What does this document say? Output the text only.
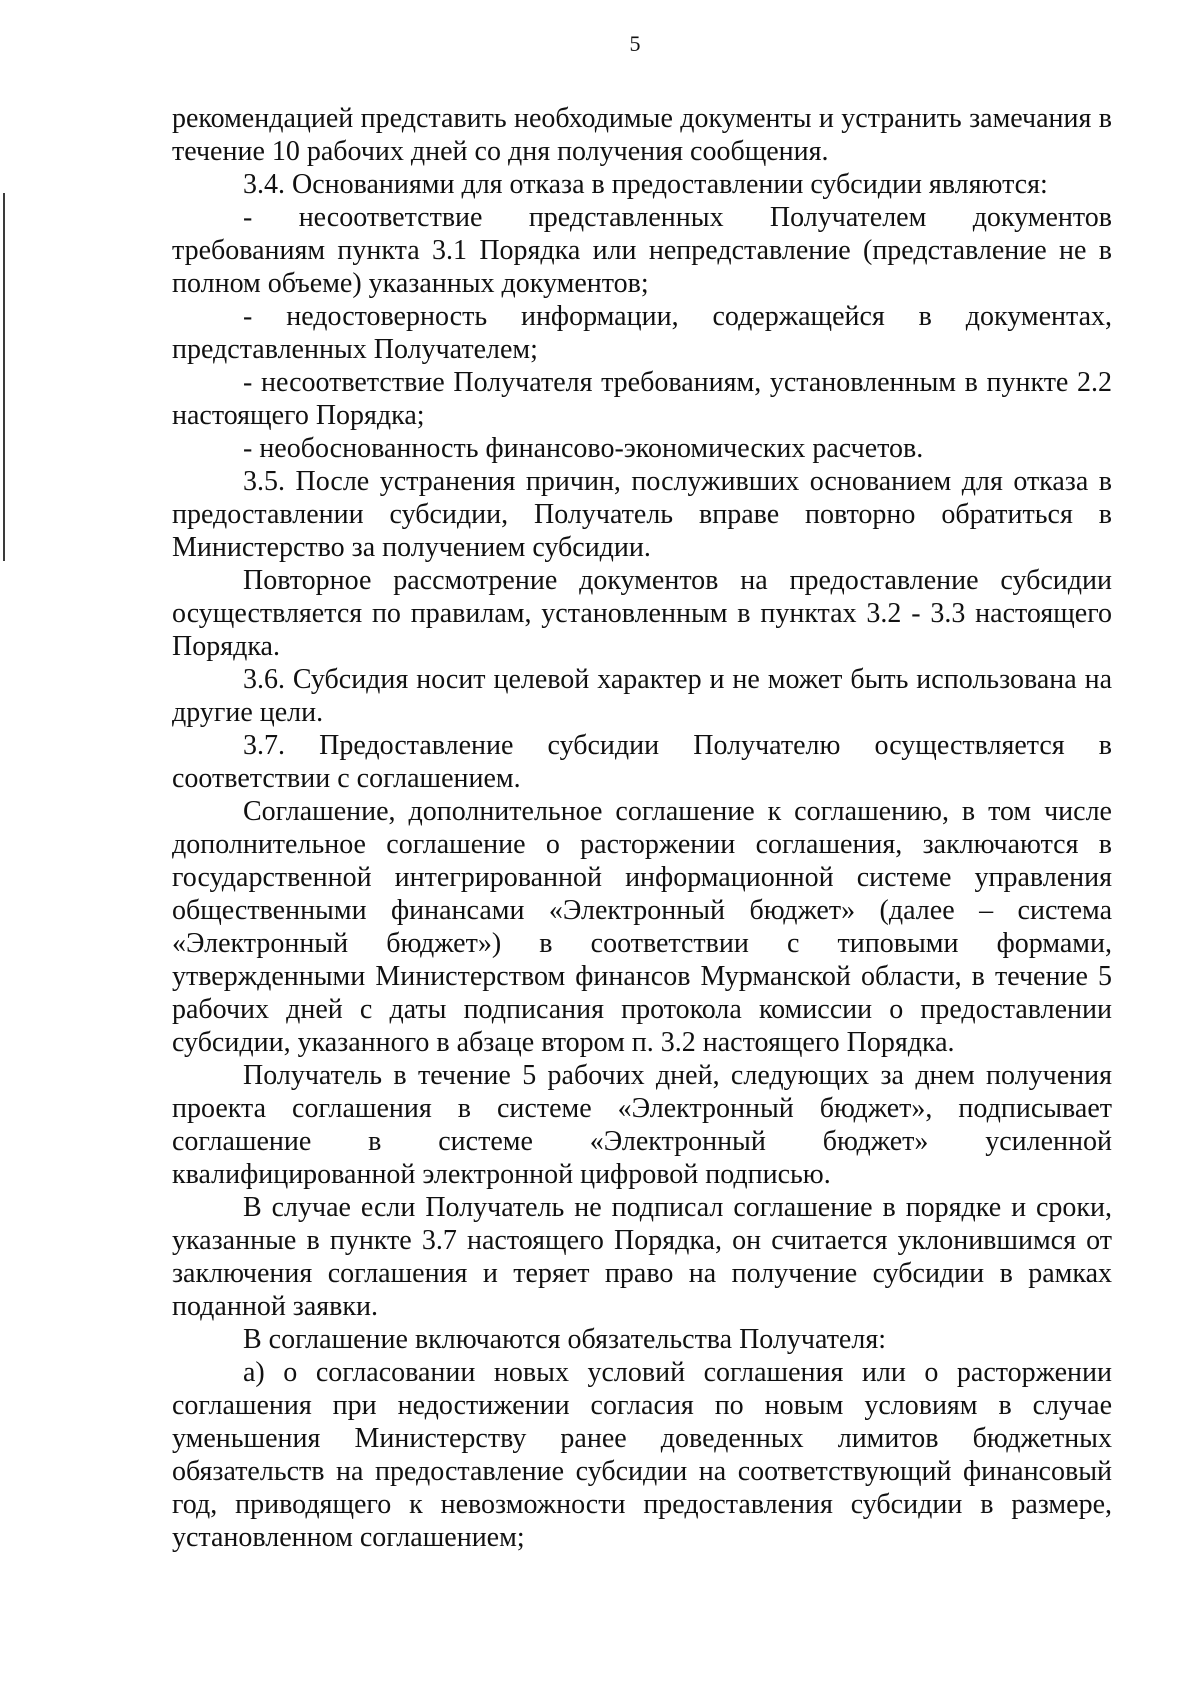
5

рекомендацией представить необходимые документы и устранить замечания в течение 10 рабочих дней со дня получения сообщения.

3.4. Основаниями для отказа в предоставлении субсидии являются:

- несоответствие представленных Получателем документов требованиям пункта 3.1 Порядка или непредставление (представление не в полном объеме) указанных документов;

- недостоверность информации, содержащейся в документах, представленных Получателем;

- несоответствие Получателя требованиям, установленным в пункте 2.2 настоящего Порядка;

- необоснованность финансово-экономических расчетов.

3.5. После устранения причин, послуживших основанием для отказа в предоставлении субсидии, Получатель вправе повторно обратиться в Министерство за получением субсидии.

Повторное рассмотрение документов на предоставление субсидии осуществляется по правилам, установленным в пунктах 3.2 - 3.3 настоящего Порядка.

3.6. Субсидия носит целевой характер и не может быть использована на другие цели.

3.7. Предоставление субсидии Получателю осуществляется в соответствии с соглашением.

Соглашение, дополнительное соглашение к соглашению, в том числе дополнительное соглашение о расторжении соглашения, заключаются в государственной интегрированной информационной системе управления общественными финансами «Электронный бюджет» (далее – система «Электронный бюджет») в соответствии с типовыми формами, утвержденными Министерством финансов Мурманской области, в течение 5 рабочих дней с даты подписания протокола комиссии о предоставлении субсидии, указанного в абзаце втором п. 3.2 настоящего Порядка.

Получатель в течение 5 рабочих дней, следующих за днем получения проекта соглашения в системе «Электронный бюджет», подписывает соглашение в системе «Электронный бюджет» усиленной квалифицированной электронной цифровой подписью.

В случае если Получатель не подписал соглашение в порядке и сроки, указанные в пункте 3.7 настоящего Порядка, он считается уклонившимся от заключения соглашения и теряет право на получение субсидии в рамках поданной заявки.

В соглашение включаются обязательства Получателя:

а) о согласовании новых условий соглашения или о расторжении соглашения при недостижении согласия по новым условиям в случае уменьшения Министерству ранее доведенных лимитов бюджетных обязательств на предоставление субсидии на соответствующий финансовый год, приводящего к невозможности предоставления субсидии в размере, установленном соглашением;
